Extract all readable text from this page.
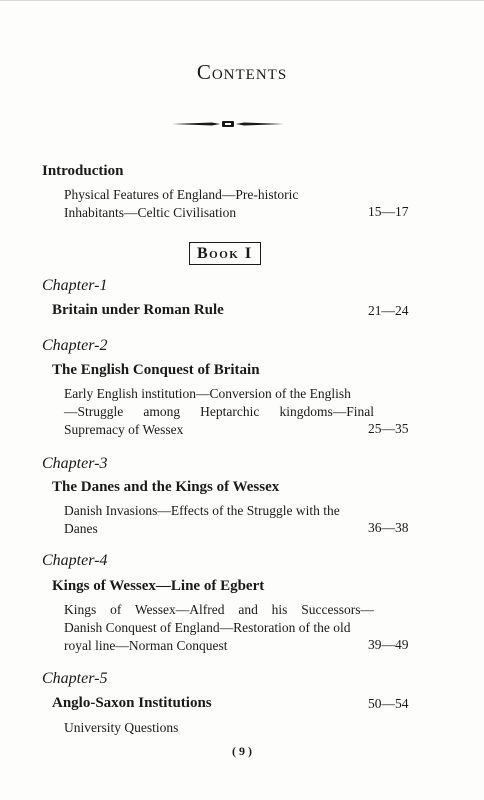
Contents
Introduction
Physical Features of England—Pre-historic
Inhabitants—Celtic Civilisation	15—17
Book I
Chapter-1
Britain under Roman Rule	21—24
Chapter-2
The English Conquest of Britain
Early English institution—Conversion of the English
—Struggle among Heptarchic kingdoms—Final
Supremacy of Wessex	25—35
Chapter-3
The Danes and the Kings of Wessex
Danish Invasions—Effects of the Struggle with the
Danes	36—38
Chapter-4
Kings of Wessex—Line of Egbert
Kings of Wessex—Alfred and his Successors—
Danish Conquest of England—Restoration of the old
royal line—Norman Conquest	39—49
Chapter-5
Anglo-Saxon Institutions	50—54
University Questions
( 9 )
